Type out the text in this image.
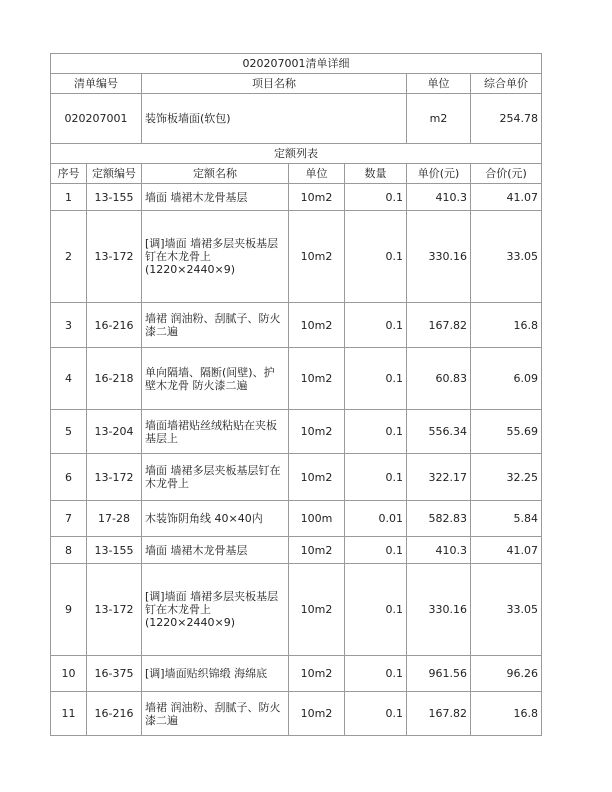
020207001清单详细						
清单编号		项目名称			单位	综合单价
020207001		装饰板墙面(软包)			m2	254.78
定额列表						
序号	定额编号	定额名称	单位	数量	单价(元)	合价(元)
1	13-155	墙面 墙裙木龙骨基层	10m2	0.1	410.3	41.07
2	13-172	[调]墙面 墙裙多层夹板基层钉在木龙骨上(1220×2440×9)	10m2	0.1	330.16	33.05
3	16-216	墙裙 润油粉、刮腻子、防火漆二遍	10m2	0.1	167.82	16.8
4	16-218	单向隔墙、隔断(间壁)、护壁木龙骨 防火漆二遍	10m2	0.1	60.83	6.09
5	13-204	墙面墙裙贴丝绒粘贴在夹板基层上	10m2	0.1	556.34	55.69
6	13-172	墙面 墙裙多层夹板基层钉在木龙骨上	10m2	0.1	322.17	32.25
7	17-28	木装饰阴角线 40×40内	100m	0.01	582.83	5.84
8	13-155	墙面 墙裙木龙骨基层	10m2	0.1	410.3	41.07
9	13-172	[调]墙面 墙裙多层夹板基层钉在木龙骨上(1220×2440×9)	10m2	0.1	330.16	33.05
10	16-375	[调]墙面贴织锦缎 海绵底	10m2	0.1	961.56	96.26
11	16-216	墙裙 润油粉、刮腻子、防火漆二遍	10m2	0.1	167.82	16.8
